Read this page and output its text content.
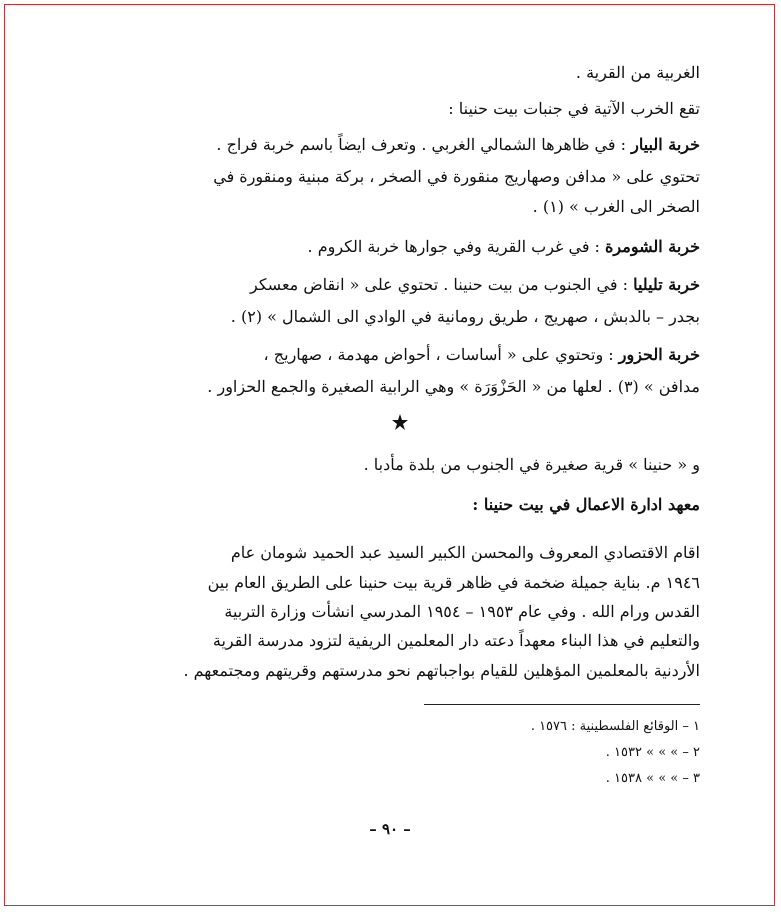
الغربية من القرية .
تقع الخرب الآتية في جنبات بيت حنينا :
خربة البيار : في ظاهرها الشمالي الغربي . وتعرف ايضاً باسم خربة فراج .
تحتوي على « مدافن وصهاريج منقورة في الصخر ، بركة مبنية ومنقورة في
الصخر الى الغرب » (١) .
خربة الشومرة : في غرب القرية وفي جوارها خربة الكروم .
خربة تليليا : في الجنوب من بيت حنينا . تحتوي على « انقاض معسكر
بجدر – بالدبش ، صهريج ، طريق رومانية في الوادي الى الشمال » (٢) .
خربة الحزور : وتحتوي على « أساسات ، أحواض مهدمة ، صهاريج ،
مدافن » (٣) . لعلها من « الحَزْوَرَة » وهي الرابية الصغيرة والجمع الحزاور .
و « حنينا » قرية صغيرة في الجنوب من بلدة مأدبا .
معهد ادارة الاعمال في بيت حنينا :
اقام الاقتصادي المعروف والمحسن الكبير السيد عبد الحميد شومان عام
١٩٤٦ م. بناية جميلة ضخمة في ظاهر قرية بيت حنينا على الطريق العام بين
القدس ورام الله . وفي عام ١٩٥٣ – ١٩٥٤ المدرسي انشأت وزارة التربية
والتعليم في هذا البناء معهداً دعته دار المعلمين الريفية لتزود مدرسة القرية
الأردنية بالمعلمين المؤهلين للقيام بواجباتهم نحو مدرستهم وقريتهم ومجتمعهم .
١ – الوقائع الفلسطينية : ١٥٧٦ .
٢ – » » » ١٥٣٢ .
٣ – » » » ١٥٣٨ .
– ٩٠ –
